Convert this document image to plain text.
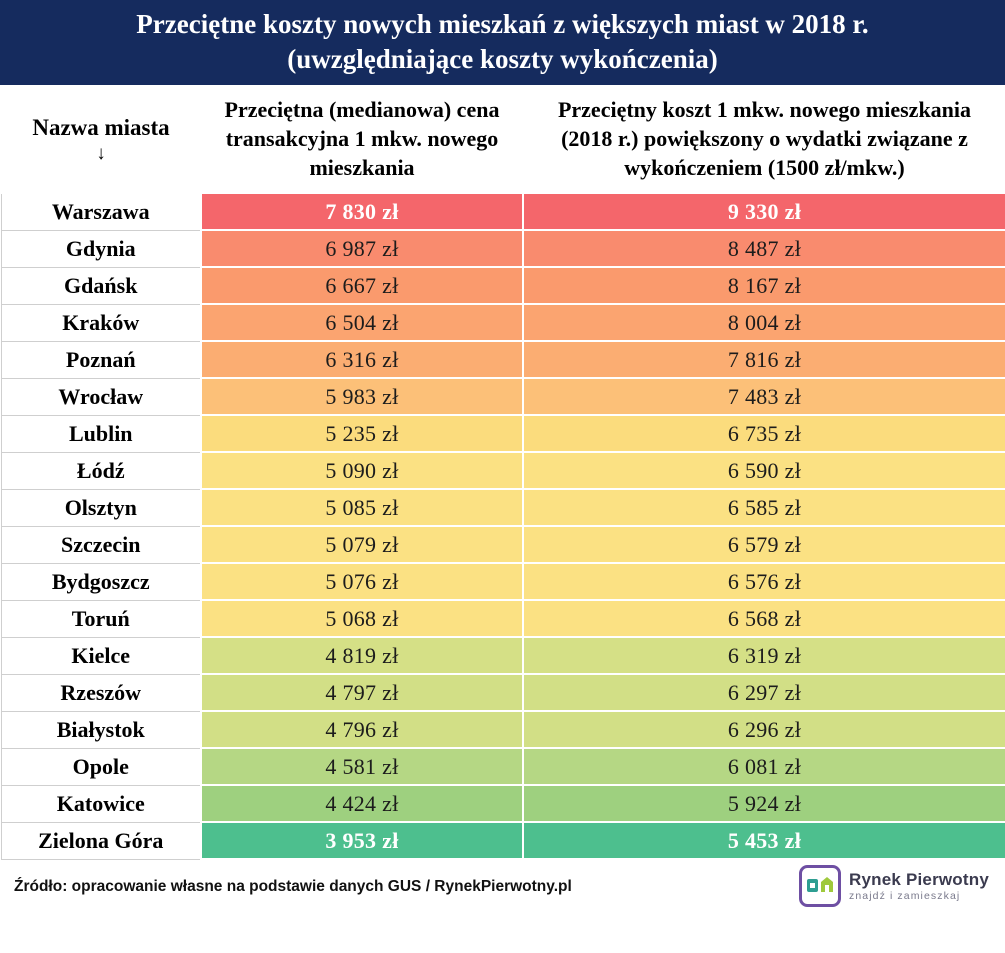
Przeciętne koszty nowych mieszkań z większych miast w 2018 r.
(uwzględniające koszty wykończenia)
Nazwa miasta
↓	Przeciętna (medianowa) cena transakcyjna 1 mkw. nowego mieszkania	Przeciętny koszt 1 mkw. nowego mieszkania (2018 r.) powiększony o wydatki związane z wykończeniem (1500 zł/mkw.)
Warszawa	7 830 zł	9 330 zł
Gdynia	6 987 zł	8 487 zł
Gdańsk	6 667 zł	8 167 zł
Kraków	6 504 zł	8 004 zł
Poznań	6 316 zł	7 816 zł
Wrocław	5 983 zł	7 483 zł
Lublin	5 235 zł	6 735 zł
Łódź	5 090 zł	6 590 zł
Olsztyn	5 085 zł	6 585 zł
Szczecin	5 079 zł	6 579 zł
Bydgoszcz	5 076 zł	6 576 zł
Toruń	5 068 zł	6 568 zł
Kielce	4 819 zł	6 319 zł
Rzeszów	4 797 zł	6 297 zł
Białystok	4 796 zł	6 296 zł
Opole	4 581 zł	6 081 zł
Katowice	4 424 zł	5 924 zł
Zielona Góra	3 953 zł	5 453 zł
Źródło: opracowanie własne na podstawie danych GUS / RynekPierwotny.pl	Rynek Pierwotny
znajdź i zamieszkaj
